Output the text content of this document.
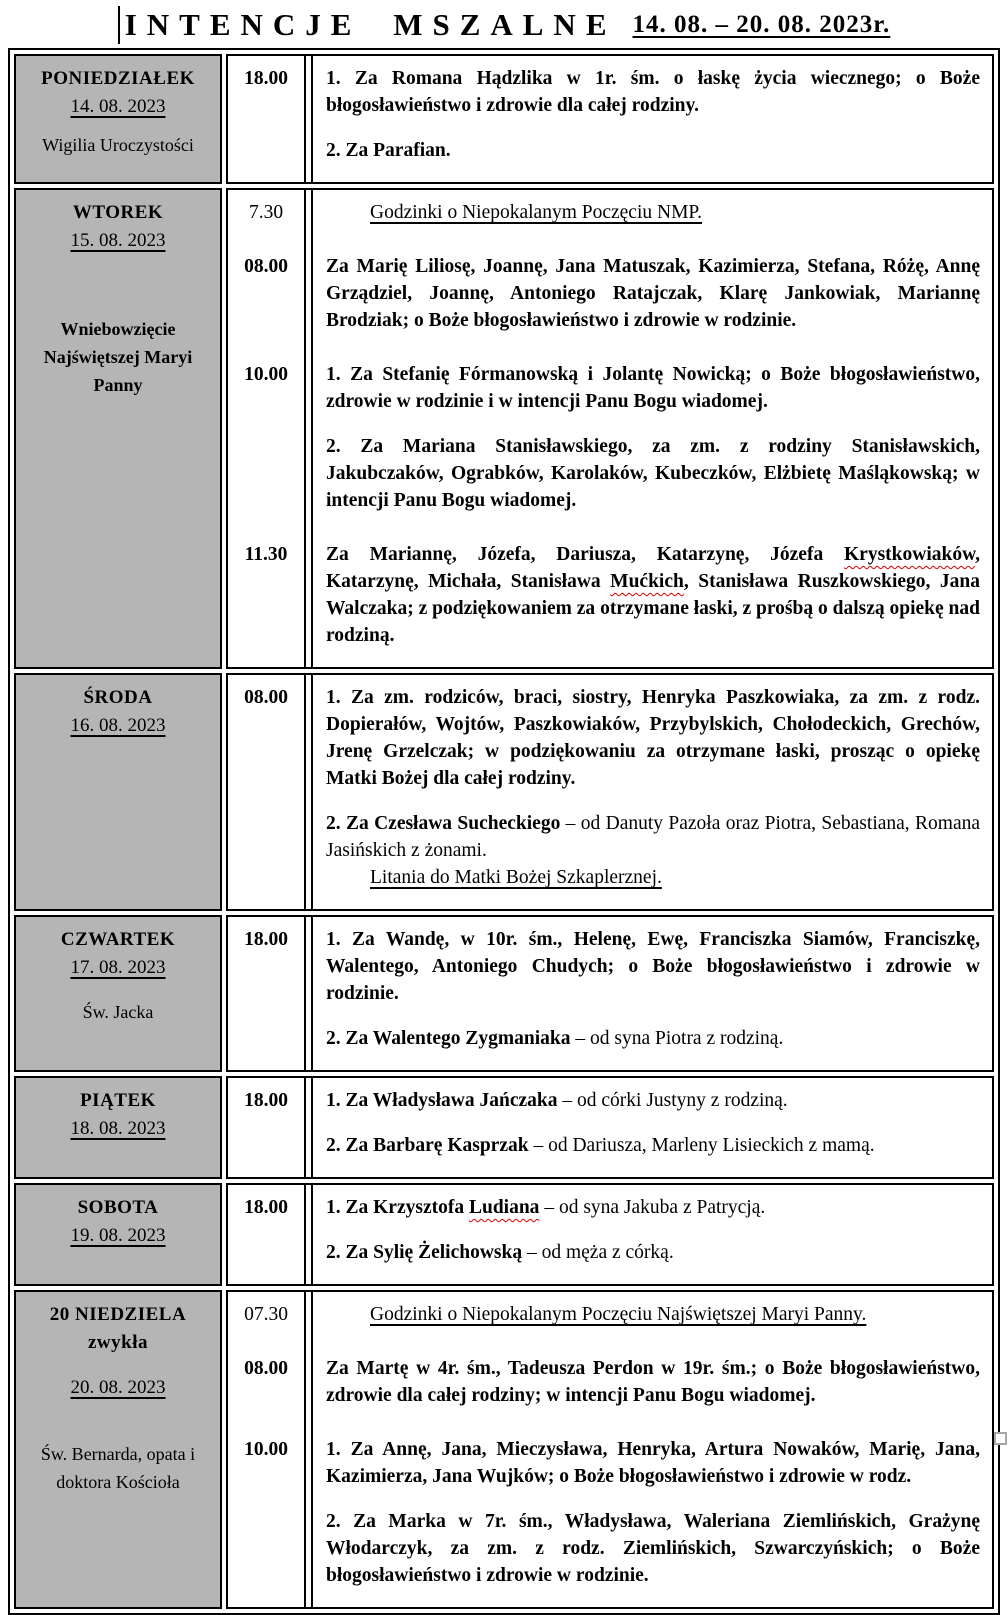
INTENCJE MSZALNE 14. 08. – 20. 08. 2023r.
PONIEDZIAŁEK
14. 08. 2023
Wigilia Uroczystości

18.00	1. Za Romana Hądzlika w 1r. śm. o łaskę życia wiecznego; o Boże błogosławieństwo i zdrowie dla całej rodziny.

2. Za Parafian.

WTOREK
15. 08. 2023
Wniebowzięcie Najświętszej Maryi Panny

7.30	Godzinki o Niepokalanym Poczęciu NMP.

08.00	Za Marię Liliosę, Joannę, Jana Matuszak, Kazimierza, Stefana, Różę, Annę Grządziel, Joannę, Antoniego Ratajczak, Klarę Jankowiak, Mariannę Brodziak; o Boże błogosławieństwo i zdrowie w rodzinie.

10.00	1. Za Stefanię Fórmanowską i Jolantę Nowicką; o Boże błogosławieństwo, zdrowie w rodzinie i w intencji Panu Bogu wiadomej.

2. Za Mariana Stanisławskiego, za zm. z rodziny Stanisławskich, Jakubczaków, Ograbków, Karolaków, Kubeczków, Elżbietę Maśląkowską; w intencji Panu Bogu wiadomej.

11.30	Za Mariannę, Józefa, Dariusza, Katarzynę, Józefa Krystkowiaków, Katarzynę, Michała, Stanisława Mućkich, Stanisława Ruszkowskiego, Jana Walczaka; z podziękowaniem za otrzymane łaski, z prośbą o dalszą opiekę nad rodziną.

ŚRODA
16. 08. 2023

08.00	1. Za zm. rodziców, braci, siostry, Henryka Paszkowiaka, za zm. z rodz. Dopierałów, Wojtów, Paszkowiaków, Przybylskich, Chołodeckich, Grechów, Jrenę Grzelczak; w podziękowaniu za otrzymane łaski, prosząc o opiekę Matki Bożej dla całej rodziny.

2. Za Czesława Sucheckiego – od Danuty Pazoła oraz Piotra, Sebastiana, Romana Jasińskich z żonami.

Litania do Matki Bożej Szkaplerznej.

CZWARTEK
17. 08. 2023
Św. Jacka

18.00	1. Za Wandę, w 10r. śm., Helenę, Ewę, Franciszka Siamów, Franciszkę, Walentego, Antoniego Chudych; o Boże błogosławieństwo i zdrowie w rodzinie.

2. Za Walentego Zygmaniaka – od syna Piotra z rodziną.

PIĄTEK
18. 08. 2023

18.00	1. Za Władysława Jańczaka – od córki Justyny z rodziną.

2. Za Barbarę Kasprzak – od Dariusza, Marleny Lisieckich z mamą.

SOBOTA
19. 08. 2023

18.00	1. Za Krzysztofa Ludiana – od syna Jakuba z Patrycją.

2. Za Sylię Żelichowską – od męża z córką.

20 NIEDZIELA
zwykła
20. 08. 2023
Św. Bernarda, opata i doktora Kościoła

07.30	Godzinki o Niepokalanym Poczęciu Najświętszej Maryi Panny.

08.00	Za Martę w 4r. śm., Tadeusza Perdon w 19r. śm.; o Boże błogosławieństwo, zdrowie dla całej rodziny; w intencji Panu Bogu wiadomej.

10.00	1. Za Annę, Jana, Mieczysława, Henryka, Artura Nowaków, Marię, Jana, Kazimierza, Jana Wujków; o Boże błogosławieństwo i zdrowie w rodz.

2. Za Marka w 7r. śm., Władysława, Waleriana Ziemlińskich, Grażynę Włodarczyk, za zm. z rodz. Ziemlińskich, Szwarczyńskich; o Boże błogosławieństwo i zdrowie w rodzinie.
